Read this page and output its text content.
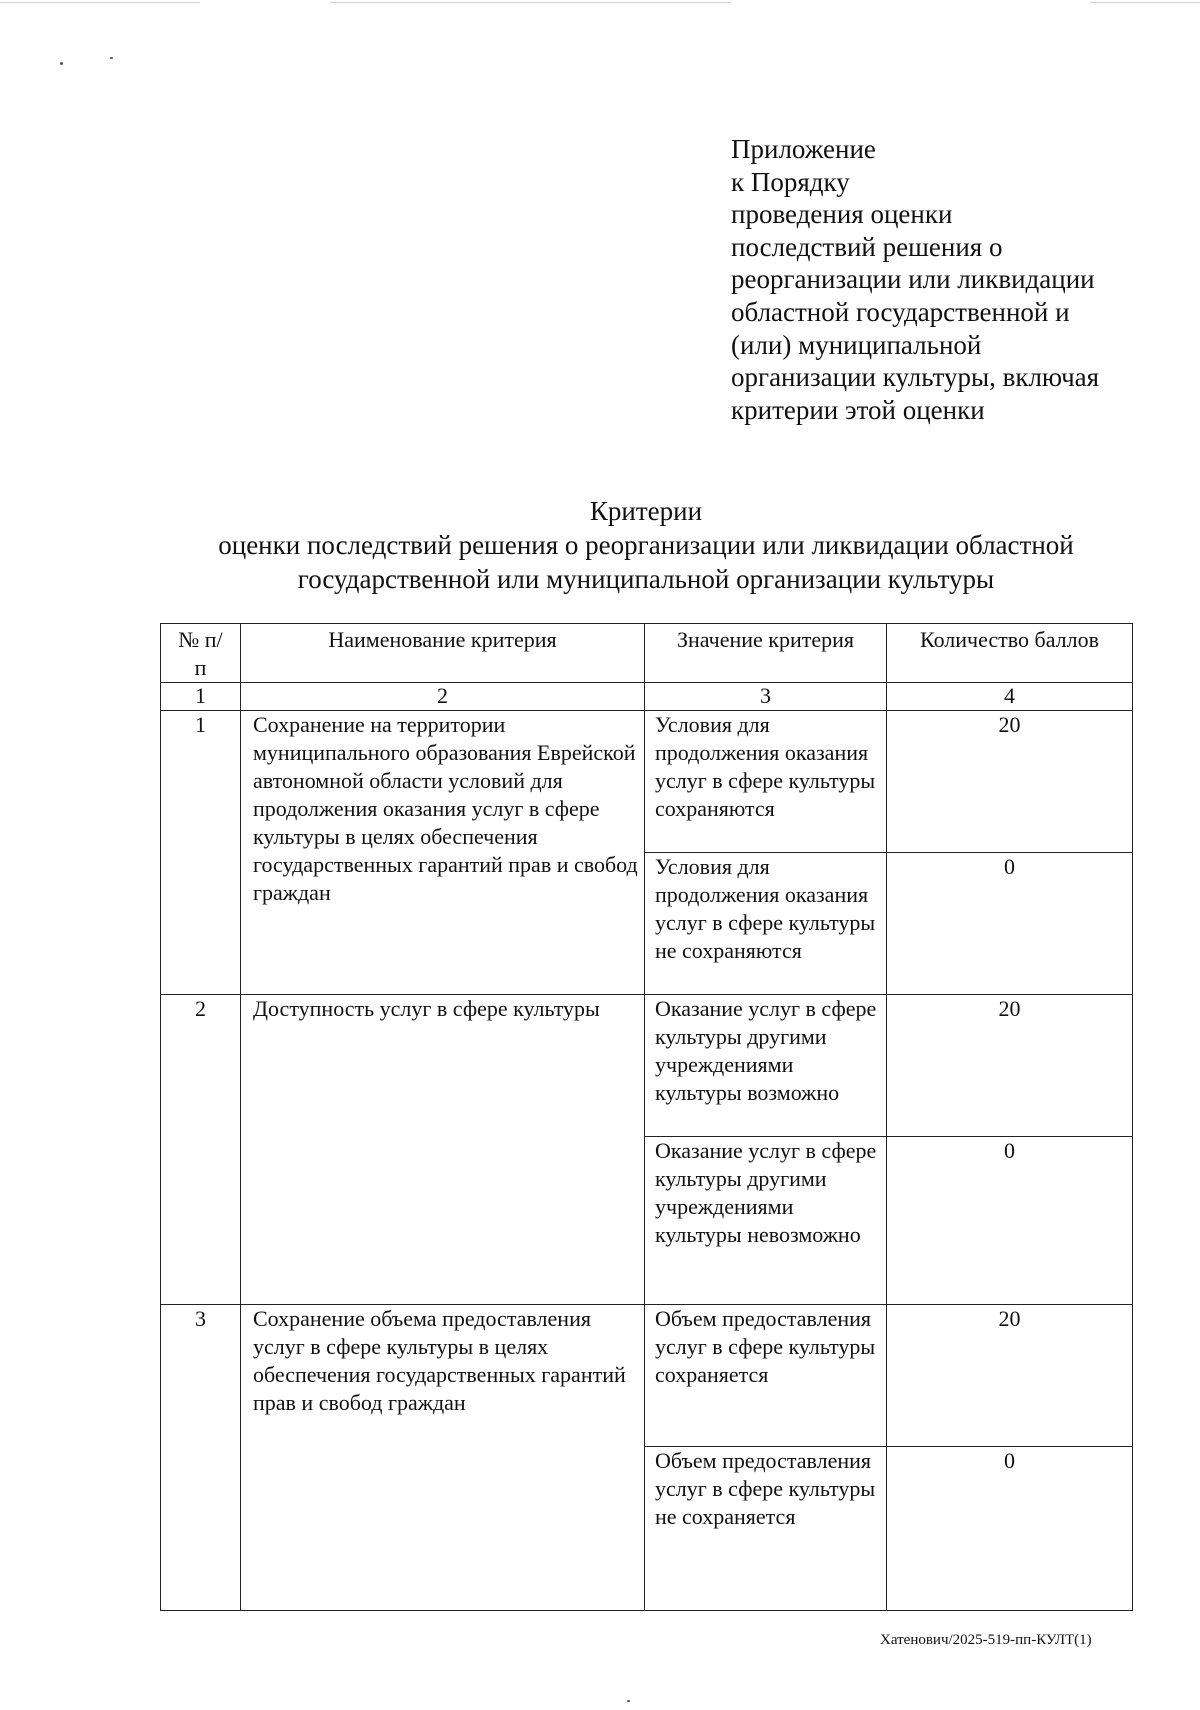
Приложение
к Порядку
проведения оценки
последствий решения о
реорганизации или ликвидации
областной государственной и
(или) муниципальной
организации культуры, включая
критерии этой оценки
Критерии
оценки последствий решения о реорганизации или ликвидации областной
государственной или муниципальной организации культуры
№ п/п	Наименование критерия	Значение критерия	Количество баллов
1	2	3	4
1	Сохранение на территории муниципального образования Еврейской автономной области условий для продолжения оказания услуг в сфере культуры в целях обеспечения государственных гарантий прав и свобод граждан	Условия для продолжения оказания услуг в сфере культуры сохраняются	20
		Условия для продолжения оказания услуг в сфере культуры не сохраняются	0
2	Доступность услуг в сфере культуры	Оказание услуг в сфере культуры другими учреждениями культуры возможно	20
		Оказание услуг в сфере культуры другими учреждениями культуры невозможно	0
3	Сохранение объема предоставления услуг в сфере культуры в целях обеспечения государственных гарантий прав и свобод граждан	Объем предоставления услуг в сфере культуры сохраняется	20
		Объем предоставления услуг в сфере культуры не сохраняется	0
Хатенович/2025-519-пп-КУЛТ(1)
